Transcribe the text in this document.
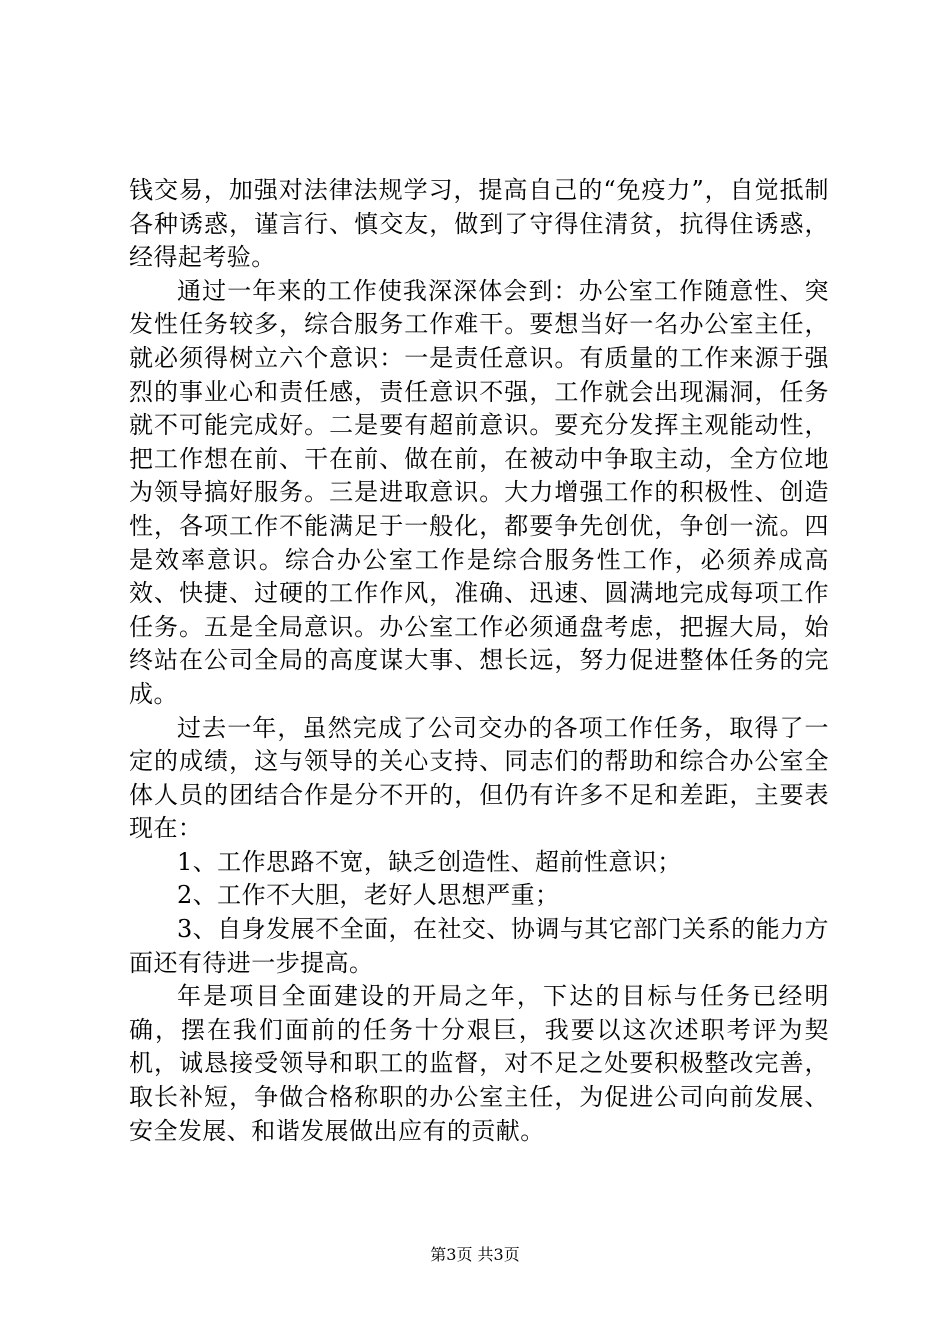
钱交易，加强对法律法规学习，提高自己的“免疫力”，自觉抵制各种诱惑，谨言行、慎交友，做到了守得住清贫，抗得住诱惑，经得起考验。

通过一年来的工作使我深深体会到：办公室工作随意性、突发性任务较多，综合服务工作难干。要想当好一名办公室主任，就必须得树立六个意识：一是责任意识。有质量的工作来源于强烈的事业心和责任感，责任意识不强，工作就会出现漏洞，任务就不可能完成好。二是要有超前意识。要充分发挥主观能动性，把工作想在前、干在前、做在前，在被动中争取主动，全方位地为领导搞好服务。三是进取意识。大力增强工作的积极性、创造性，各项工作不能满足于一般化，都要争先创优，争创一流。四是效率意识。综合办公室工作是综合服务性工作，必须养成高效、快捷、过硬的工作作风，准确、迅速、圆满地完成每项工作任务。五是全局意识。办公室工作必须通盘考虑，把握大局，始终站在公司全局的高度谋大事、想长远，努力促进整体任务的完成。

过去一年，虽然完成了公司交办的各项工作任务，取得了一定的成绩，这与领导的关心支持、同志们的帮助和综合办公室全体人员的团结合作是分不开的，但仍有许多不足和差距，主要表现在：

1、工作思路不宽，缺乏创造性、超前性意识；

2、工作不大胆，老好人思想严重；

3、自身发展不全面，在社交、协调与其它部门关系的能力方面还有待进一步提高。

年是项目全面建设的开局之年，下达的目标与任务已经明确，摆在我们面前的任务十分艰巨，我要以这次述职考评为契机，诚恳接受领导和职工的监督，对不足之处要积极整改完善，取长补短，争做合格称职的办公室主任，为促进公司向前发展、安全发展、和谐发展做出应有的贡献。

第3页 共3页
